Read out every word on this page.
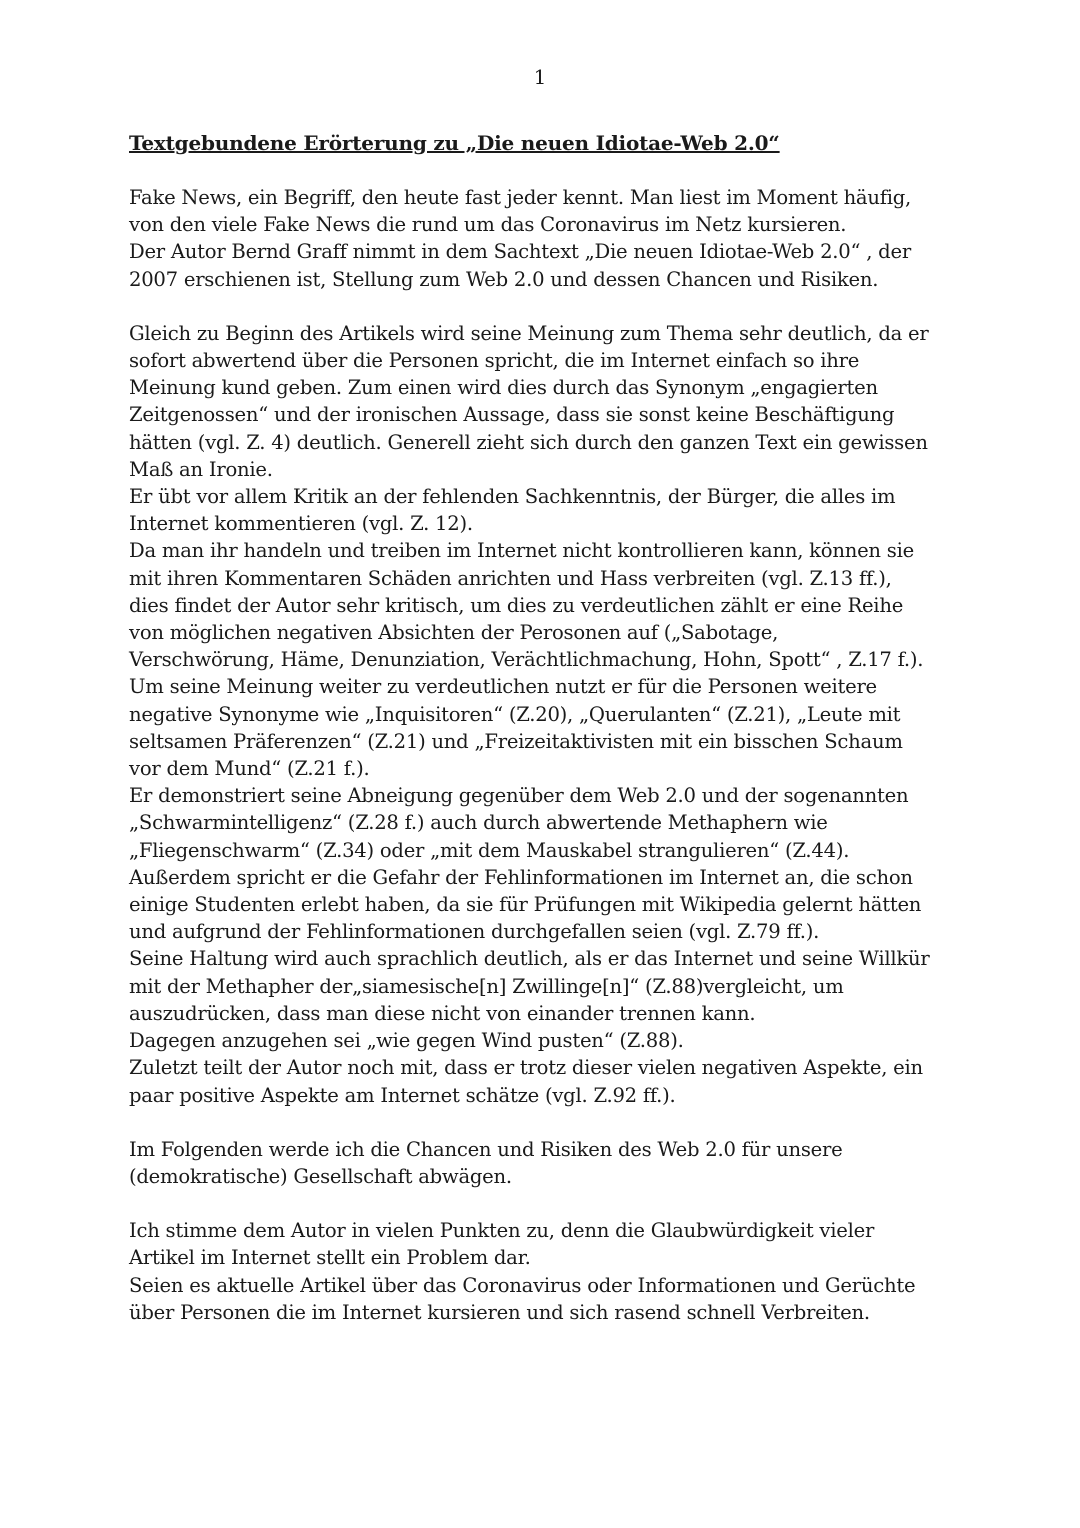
1
Textgebundene Erörterung zu „Die neuen Idiotae-Web 2.0“
Fake News, ein Begriff, den heute fast jeder kennt. Man liest im Moment häufig,
von den viele Fake News die rund um das Coronavirus im Netz kursieren.
Der Autor Bernd Graff nimmt in dem Sachtext „Die neuen Idiotae-Web 2.0“ , der
2007 erschienen ist, Stellung zum Web 2.0 und dessen Chancen und Risiken.
Gleich zu Beginn des Artikels wird seine Meinung zum Thema sehr deutlich, da er
sofort abwertend über die Personen spricht, die im Internet einfach so ihre
Meinung kund geben. Zum einen wird dies durch das Synonym „engagierten
Zeitgenossen“ und der ironischen Aussage, dass sie sonst keine Beschäftigung
hätten (vgl. Z. 4) deutlich. Generell zieht sich durch den ganzen Text ein gewissen
Maß an Ironie.
Er übt vor allem Kritik an der fehlenden Sachkenntnis, der Bürger, die alles im
Internet kommentieren (vgl. Z. 12).
Da man ihr handeln und treiben im Internet nicht kontrollieren kann, können sie
mit ihren Kommentaren Schäden anrichten und Hass verbreiten (vgl. Z.13 ff.),
dies findet der Autor sehr kritisch, um dies zu verdeutlichen zählt er eine Reihe
von möglichen negativen Absichten der Perosonen auf („Sabotage,
Verschwörung, Häme, Denunziation, Verächtlichmachung, Hohn, Spott“ , Z.17 f.).
Um seine Meinung weiter zu verdeutlichen nutzt er für die Personen weitere
negative Synonyme wie „Inquisitoren“ (Z.20), „Querulanten“ (Z.21), „Leute mit
seltsamen Präferenzen“ (Z.21) und „Freizeitaktivisten mit ein bisschen Schaum
vor dem Mund“ (Z.21 f.).
Er demonstriert seine Abneigung gegenüber dem Web 2.0 und der sogenannten
„Schwarmintelligenz“ (Z.28 f.) auch durch abwertende Methaphern wie
„Fliegenschwarm“ (Z.34) oder „mit dem Mauskabel strangulieren“ (Z.44).
Außerdem spricht er die Gefahr der Fehlinformationen im Internet an, die schon
einige Studenten erlebt haben, da sie für Prüfungen mit Wikipedia gelernt hätten
und aufgrund der Fehlinformationen durchgefallen seien (vgl. Z.79 ff.).
Seine Haltung wird auch sprachlich deutlich, als er das Internet und seine Willkür
mit der Methapher der„siamesische[n] Zwillinge[n]“ (Z.88)vergleicht, um
auszudrücken, dass man diese nicht von einander trennen kann.
Dagegen anzugehen sei „wie gegen Wind pusten“ (Z.88).
Zuletzt teilt der Autor noch mit, dass er trotz dieser vielen negativen Aspekte, ein
paar positive Aspekte am Internet schätze (vgl. Z.92 ff.).
Im Folgenden werde ich die Chancen und Risiken des Web 2.0 für unsere
(demokratische) Gesellschaft abwägen.
Ich stimme dem Autor in vielen Punkten zu, denn die Glaubwürdigkeit vieler
Artikel im Internet stellt ein Problem dar.
Seien es aktuelle Artikel über das Coronavirus oder Informationen und Gerüchte
über Personen die im Internet kursieren und sich rasend schnell Verbreiten.
